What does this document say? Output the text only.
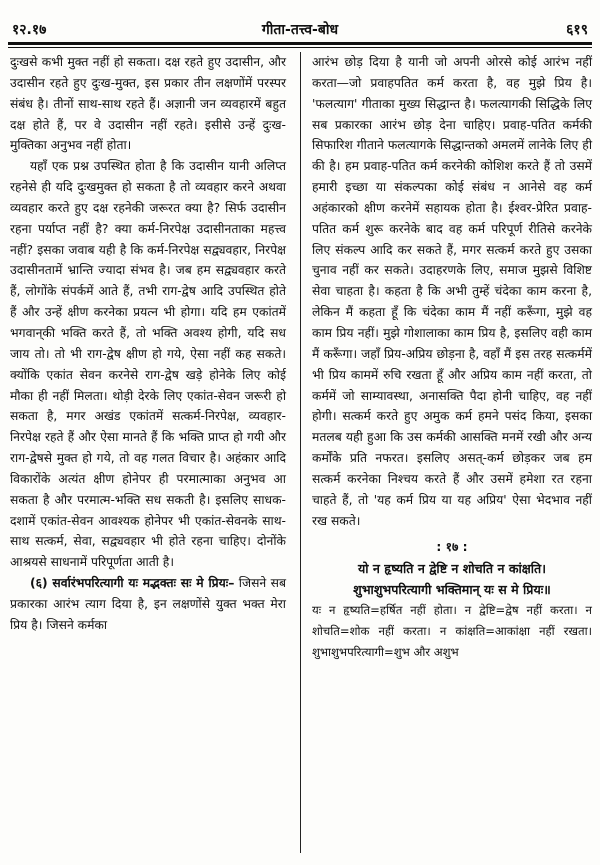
१२.१७	गीता-तत्त्व-बोध	६१९

दुःखसे कभी मुक्त नहीं हो सकता। दक्ष रहते हुए उदासीन, और उदासीन रहते हुए दुःख-मुक्त, इस प्रकार तीन लक्षणोंमें परस्पर संबंध है। तीनों साथ-साथ रहते हैं। अज्ञानी जन व्यवहारमें बहुत दक्ष होते हैं, पर वे उदासीन नहीं रहते। इसीसे उन्हें दुःख-मुक्तिका अनुभव नहीं होता।

यहाँ एक प्रश्न उपस्थित होता है कि उदासीन यानी अलिप्त रहनेसे ही यदि दुःखमुक्त हो सकता है तो व्यवहार करने अथवा व्यवहार करते हुए दक्ष रहनेकी जरूरत क्या है? सिर्फ उदासीन रहना पर्याप्त नहीं है? क्या कर्म-निरपेक्ष उदासीनताका महत्त्व नहीं? इसका जवाब यही है कि कर्म-निरपेक्ष सद्व्यवहार, निरपेक्ष उदासीनतामें भ्रान्ति ज्यादा संभव है। जब हम सद्व्यवहार करते हैं, लोगोंके संपर्कमें आते हैं, तभी राग-द्वेष आदि उपस्थित होते हैं और उन्हें क्षीण करनेका प्रयत्न भी होगा। यदि हम एकांतमें भगवान्‌की भक्ति करते हैं, तो भक्ति अवश्य होगी, यदि सध जाय तो। तो भी राग-द्वेष क्षीण हो गये, ऐसा नहीं कह सकते। क्योंकि एकांत सेवन करनेसे राग-द्वेष खड़े होनेके लिए कोई मौका ही नहीं मिलता। थोड़ी देरके लिए एकांत-सेवन जरूरी हो सकता है, मगर अखंड एकांतमें सत्कर्म-निरपेक्ष, व्यवहार-निरपेक्ष रहते हैं और ऐसा मानते हैं कि भक्ति प्राप्त हो गयी और राग-द्वेषसे मुक्त हो गये, तो वह गलत विचार है। अहंकार आदि विकारोंके अत्यंत क्षीण होनेपर ही परमात्माका अनुभव आ सकता है और परमात्म-भक्ति सध सकती है। इसलिए साधक-दशामें एकांत-सेवन आवश्यक होनेपर भी एकांत-सेवनके साथ-साथ सत्कर्म, सेवा, सद्व्यवहार भी होते रहना चाहिए। दोनोंके आश्रयसे साधनामें परिपूर्णता आती है।

(६) सर्वारंभपरित्यागी यः मद्भक्तः सः मे प्रियः– जिसने सब प्रकारका आरंभ त्याग दिया है, इन लक्षणोंसे युक्त भक्त मेरा प्रिय है। जिसने कर्मका

आरंभ छोड़ दिया है यानी जो अपनी ओरसे कोई आरंभ नहीं करता—जो प्रवाहपतित कर्म करता है, वह मुझे प्रिय है। 'फलत्याग' गीताका मुख्य सिद्धान्त है। फलत्यागकी सिद्धिके लिए सब प्रकारका आरंभ छोड़ देना चाहिए। प्रवाह-पतित कर्मकी सिफारिश गीताने फलत्यागके सिद्धान्तको अमलमें लानेके लिए ही की है। हम प्रवाह-पतित कर्म करनेकी कोशिश करते हैं तो उसमें हमारी इच्छा या संकल्पका कोई संबंध न आनेसे वह कर्म अहंकारको क्षीण करनेमें सहायक होता है। ईश्वर-प्रेरित प्रवाह-पतित कर्म शुरू करनेके बाद वह कर्म परिपूर्ण रीतिसे करनेके लिए संकल्प आदि कर सकते हैं, मगर सत्कर्म करते हुए उसका चुनाव नहीं कर सकते। उदाहरणके लिए, समाज मुझसे विशिष्ट सेवा चाहता है। कहता है कि अभी तुम्हें चंदेका काम करना है, लेकिन मैं कहता हूँ कि चंदेका काम मैं नहीं करूँगा, मुझे वह काम प्रिय नहीं। मुझे गोशालाका काम प्रिय है, इसलिए वही काम मैं करूँगा। जहाँ प्रिय-अप्रिय छोड़ना है, वहाँ मैं इस तरह सत्कर्ममें भी प्रिय काममें रुचि रखता हूँ और अप्रिय काम नहीं करता, तो कर्ममें जो साम्यावस्था, अनासक्ति पैदा होनी चाहिए, वह नहीं होगी। सत्कर्म करते हुए अमुक कर्म हमने पसंद किया, इसका मतलब यही हुआ कि उस कर्मकी आसक्ति मनमें रखी और अन्य कर्मोंके प्रति नफरत। इसलिए असत्-कर्म छोड़कर जब हम सत्कर्म करनेका निश्चय करते हैं और उसमें हमेशा रत रहना चाहते हैं, तो 'यह कर्म प्रिय या यह अप्रिय' ऐसा भेदभाव नहीं रख सकते।

: १७ :

यो न हृष्यति न द्वेष्टि न शोचति न कांक्षति।

शुभाशुभपरित्यागी भक्तिमान् यः स मे प्रियः॥

यः न हृष्यति=हर्षित नहीं होता। न द्वेष्टि=द्वेष नहीं करता। न शोचति=शोक नहीं करता। न कांक्षति=आकांक्षा नहीं रखता। शुभाशुभपरित्यागी=शुभ और अशुभ
